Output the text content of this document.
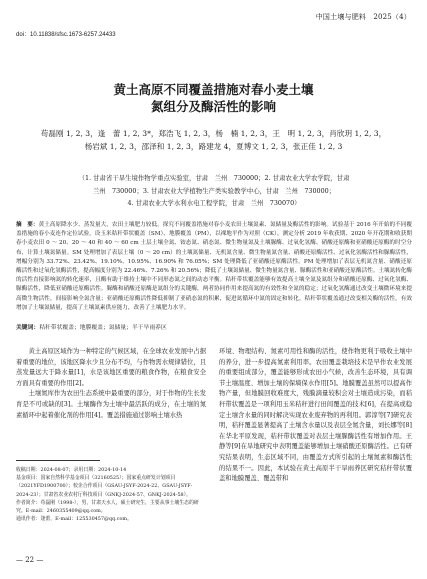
中国土壤与肥料　2025（4）
doi：10.11838/sfsc.1673-6257.24433
黄土高原不同覆盖措施对春小麦土壤
氮组分及酶活性的影响
苟磊刚 1, 2, 3，逢　蕾 1, 2, 3*，郑浩飞 1, 2, 3，杨　楠 1, 2, 3，王　明 1, 2, 3，肖欣玥 1, 2, 3，
杨岩斌 1, 2, 3，邵泽和 1, 2, 3，路建龙 4，夏博文 1, 2, 3，张正佳 1, 2, 3
（1. 甘肃省干旱生境作物学重点实验室，甘肃　兰州　730000；2. 甘肃农业大学农学院，甘肃
兰州　730000；3. 甘肃农业大学植物生产类实验教学中心，甘肃　兰州　730000；
4. 甘肃农业大学水利水电工程学院，甘肃　兰州　730070）
摘　要：黄土高原降水少、蒸发量大，农田土壤肥力较低。探究不同覆盖措施对春小麦农田土壤氮素、氮储量及酶活性的影响。试验基于 2016 年开始的不同覆盖措施的春小麦连作定位试验，设玉米秸秆带状覆盖（SM）、地膜覆盖（PM），以裸地平作为对照（CK），测定分析 2019 年收获期、2020 年开花期和收获期春小麦农田 0 ～ 20、20 ～ 40 和 40 ～ 60 cm 土层土壤全氮、铵态氮、硝态氮、微生物量氮及土壤脲酶、过氧化氢酶、硝酸还原酶和亚硝酸还原酶的时空分布，计算土壤氮储量。SM 处理增加了表层土壤（0 ～ 20 cm）的土壤氮储量、无机氮含量、微生物量氮含量、硝酸还原酶活性、过氧化氢酶活性和脲酶活性，增幅分别为 33.72%、23.42%、19.10%、10.95%、16.90% 和 76.05%；SM 处理降低了亚硝酸还原酶活性。PM 处理增加了表层无机氮含量、硝酸还原酶活性和过氧化氢酶活性，提高幅度分别为 22.46%、7.26% 和 20.56%；降低了土壤氮储量、微生物量氮含量、脲酶活性和亚硝酸还原酶活性。土壤氮转化酶的活性直接影响氮的转化速率，且酶有助于维持土壤中不同形态氮之间的动态平衡。秸秆带状覆盖能够有效提高土壤全氮及氮组分和硝酸还原酶、过氧化氢酶、脲酶活性，降低亚硝酸还原酶活性。脲酶和硝酸还原酶是氮组分的关键酶，两者协同作用来提高氮的有效性和全氮的稳定；过氧化氢酶通过改变土壤微环境来提高微生物活性，间接影响全氮含量；亚硝酸还原酶活性降低抑制了亚硝态氮的积累，促进氮循环中氮的固定和转化。秸秆带状覆盖通过改变相关酶的活性，有效增加了土壤氮储量，提高了土壤氮素供应能力，改善了土壤肥力水平。
关键词：秸秆带状覆盖；地膜覆盖；氮储量；半干旱雨养区

黄土高原区域作为一种特定的气候区域，在全球农业发展中占据着重要的地位，该地区降水少且分布不均，与作物需水规律错位，且蒸发量远大于降水量[1]，水是该地区重要的粮食作物，在粮食安全方面具有重要的作用[2]。

土壤氮库作为农田生态系统中最重要的部分，对于作物的生长发育是不可或缺的[3]。土壤酶作为土壤中最活跃的成分，在土壤的氮素循环中起着催化剂的作用[4]。覆盖措施通过影响土壤水热

环境、物理结构、氮素可用性和酶的活性，使作物更利于吸收土壤中的养分，进一步提高氮素利用率。农田覆盖栽培技术是早作农业发展的重要组成部分，覆盖能够形成农田小气候，改善生态环境，具有调节土壤温度、增加土壤的保墒保水作用[5]。地膜覆盖虽然可以提高作物产量，但地膜回收难度大，残膜滴量较积会对土壤造成污染，而秸秆带状覆盖是一项利用玉米秸秆进行田间覆盖的技术[6]，在提高或稳定土壤含水量的同时解决实现农业废弃物的再利用。郭淳等[7]研究表明，秸秆覆盖显著提高了土壤含水量以及表层全氮含量，刘长娜等[8]在华北平原发现，秸秆带状覆盖对表层土壤脲酶活性有增加作用。王静等[9]在旱地研究中表明覆盖能够增加土壤硝酸还原酶活性。已有研究结果表明，生态区域不同，由覆盖方式所引起的土壤氮素和酶活性的结果不一。因此，本试验在黄土高原半干旱雨养区研究秸秆带状覆盖和地膜覆盖、覆盖带和

收稿日期：2024-08-07；录用日期：2024-10-14
基金项目：国家自然科学基金项目（32160525）；国家重点研发计划项目（2021YFD1900700）；校企合作项目（GSAU-JSYF-2024-22、GSAU-JSYF-2024-23）；甘肃省农业农村厅科技项目（GNKJ-2024-57、GNKJ-2024-58）。
作者简介：苟磊刚（1998-），男，甘肃天水人，硕士研究生，主要从事土壤生态的研究。E-mail：2460355409@qq.com。
通讯作者：逢蕾，E-mail：125530457@qq.com。
— 22 —
